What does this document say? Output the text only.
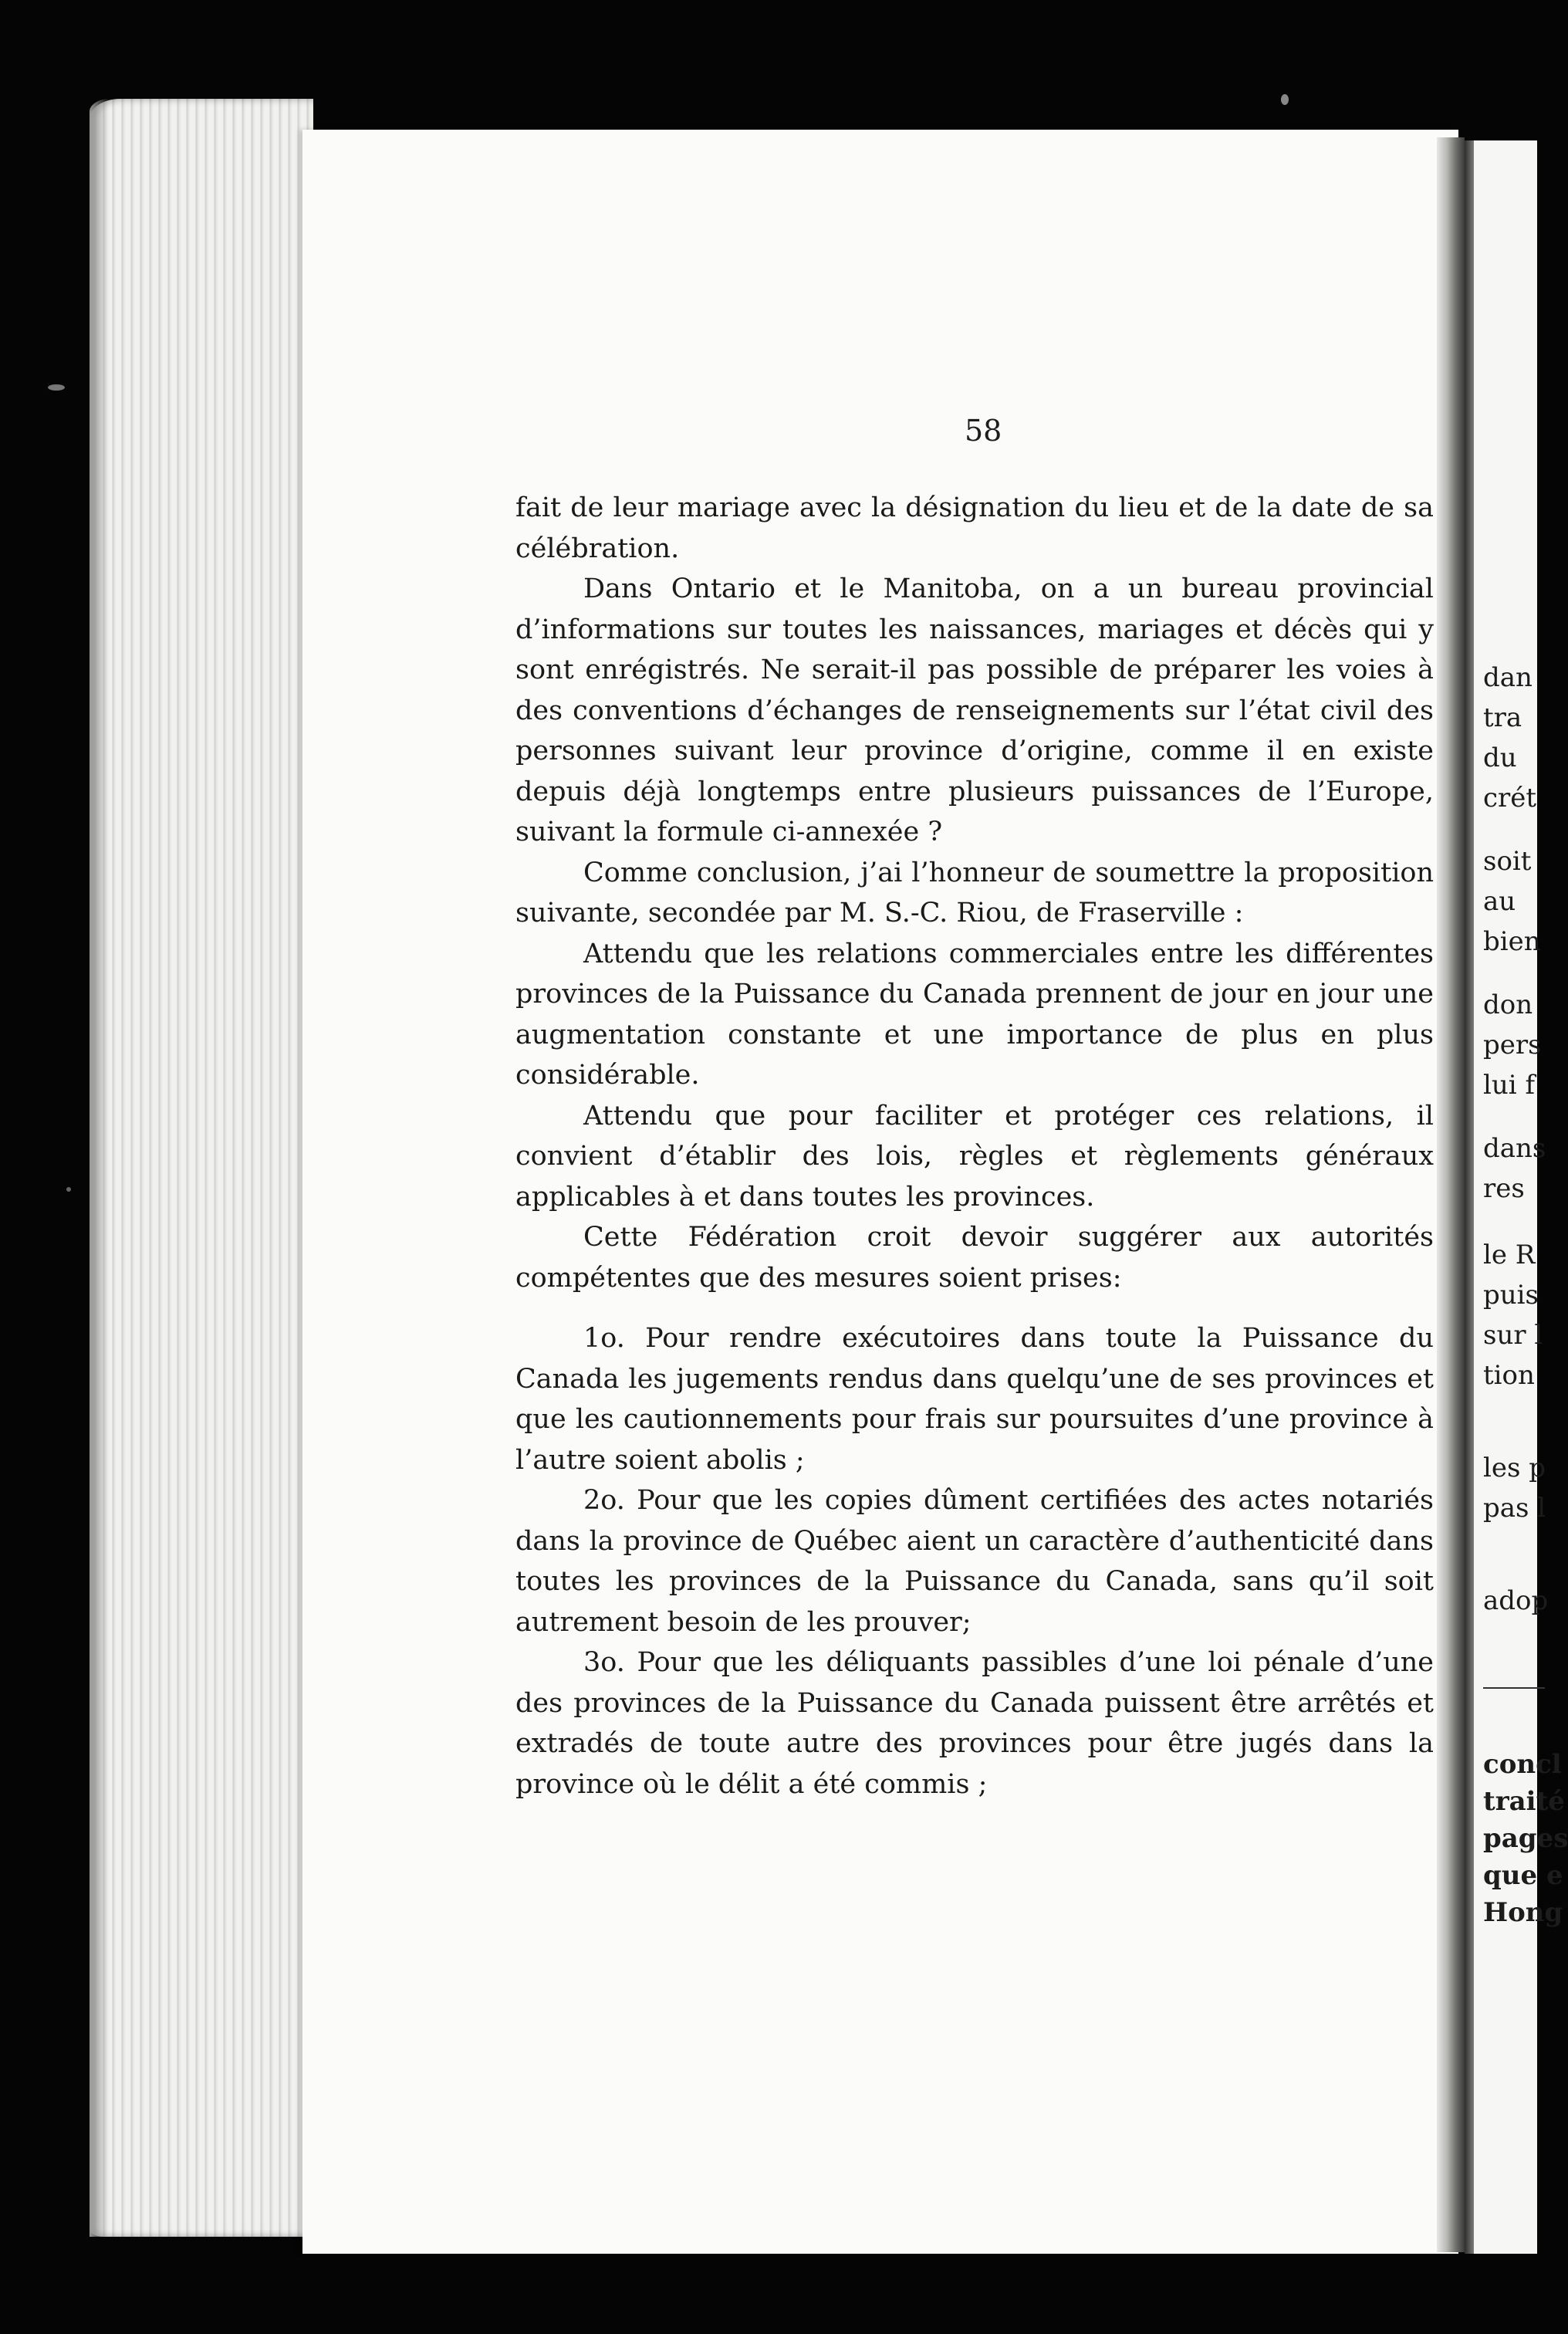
58

fait de leur mariage avec la désignation du lieu et de la date de sa célébration.

Dans Ontario et le Manitoba, on a un bureau provincial d’informations sur toutes les naissances, mariages et décès qui y sont enrégistrés. Ne serait-il pas possible de préparer les voies à des conventions d’échanges de renseignements sur l’état civil des personnes suivant leur province d’origine, comme il en existe depuis déjà longtemps entre plusieurs puissances de l’Europe, suivant la formule ci-annexée ?

Comme conclusion, j’ai l’honneur de soumettre la proposition suivante, secondée par M. S.-C. Riou, de Fraserville :

Attendu que les relations commerciales entre les différentes provinces de la Puissance du Canada prennent de jour en jour une augmentation constante et une importance de plus en plus considérable.

Attendu que pour faciliter et protéger ces relations, il convient d’établir des lois, règles et règlements généraux applicables à et dans toutes les provinces.

Cette Fédération croit devoir suggérer aux autorités compétentes que des mesures soient prises:

1o. Pour rendre exécutoires dans toute la Puissance du Canada les jugements rendus dans quelqu’une de ses provinces et que les cautionnements pour frais sur poursuites d’une province à l’autre soient abolis ;

2o. Pour que les copies dûment certifiées des actes notariés dans la province de Québec aient un caractère d’authenticité dans toutes les provinces de la Puissance du Canada, sans qu’il soit autrement besoin de les prouver;

3o. Pour que les déliquants passibles d’une loi pénale d’une des provinces de la Puissance du Canada puissent être arrêtés et extradés de toute autre des provinces pour être jugés dans la province où le délit a été commis ;

dan
tra
du
crét
soit
au
bien
don
pers
lui f
dans
res
le R
puis
sur l
tion
les p
pas l
adop
concl
traité
pages
que e
Hong
